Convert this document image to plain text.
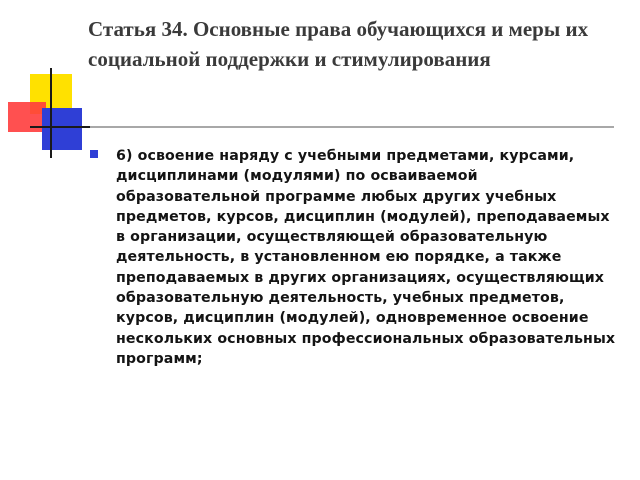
Статья 34. Основные права обучающихся и меры их социальной поддержки и стимулирования

6) освоение наряду с учебными предметами, курсами, дисциплинами (модулями) по осваиваемой образовательной программе любых других учебных предметов, курсов, дисциплин (модулей), преподаваемых в организации, осуществляющей образовательную деятельность, в установленном ею порядке, а также преподаваемых в других организациях, осуществляющих образовательную деятельность, учебных предметов, курсов, дисциплин (модулей), одновременное освоение нескольких основных профессиональных образовательных программ;
